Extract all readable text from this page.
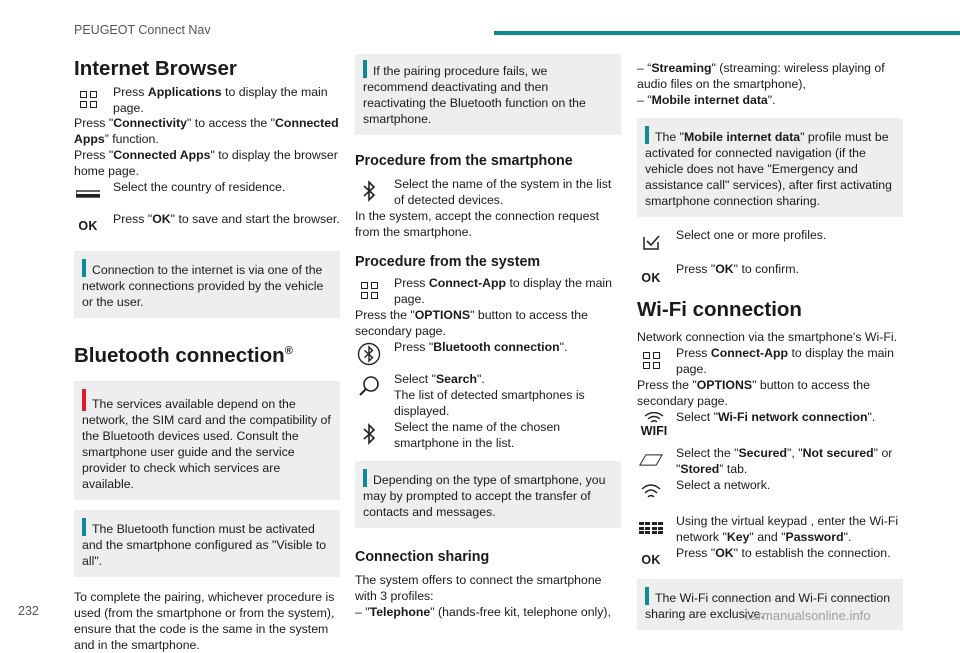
PEUGEOT Connect Nav
Internet Browser

Press Applications to display the main page.

Press "Connectivity" to access the "Connected Apps” function.

Press "Connected Apps" to display the browser home page.

Select the country of residence.

OK Press "OK" to save and start the browser.

Connection to the internet is via one of the network connections provided by the vehicle or the user.

Bluetooth connection®

The services available depend on the network, the SIM card and the compatibility of the Bluetooth devices used. Consult the smartphone user guide and the service provider to check which services are available.

The Bluetooth function must be activated and the smartphone configured as "Visible to all".

To complete the pairing, whichever procedure is used (from the smartphone or from the system), ensure that the code is the same in the system and in the smartphone.

If the pairing procedure fails, we recommend deactivating and then reactivating the Bluetooth function on the smartphone.

Procedure from the smartphone

Select the name of the system in the list of detected devices.

In the system, accept the connection request from the smartphone.

Procedure from the system

Press Connect-App to display the main page.

Press the "OPTIONS" button to access the secondary page.

Press "Bluetooth connection".

Select "Search".

The list of detected smartphones is displayed.

Select the name of the chosen smartphone in the list.

Depending on the type of smartphone, you may by prompted to accept the transfer of contacts and messages.

Connection sharing

The system offers to connect the smartphone with 3 profiles:

– "Telephone" (hands-free kit, telephone only),

– “Streaming" (streaming: wireless playing of audio files on the smartphone),

– "Mobile internet data".

The "Mobile internet data" profile must be activated for connected navigation (if the vehicle does not have "Emergency and assistance call" services), after first activating smartphone connection sharing.

Select one or more profiles.

OK

Press "OK" to confirm.

Wi-Fi connection

Network connection via the smartphone's Wi-Fi.

Press Connect-App to display the main page.

Press the "OPTIONS" button to access the secondary page.

WIFI

Select "Wi-Fi network connection".

Select the "Secured", "Not secured" or "Stored” tab.

Select a network.

Using the virtual keypad , enter the Wi-Fi network "Key" and "Password".

OK Press "OK" to establish the connection.

The Wi-Fi connection and Wi-Fi connection sharing are exclusive.

232	carmanualsonline.info
